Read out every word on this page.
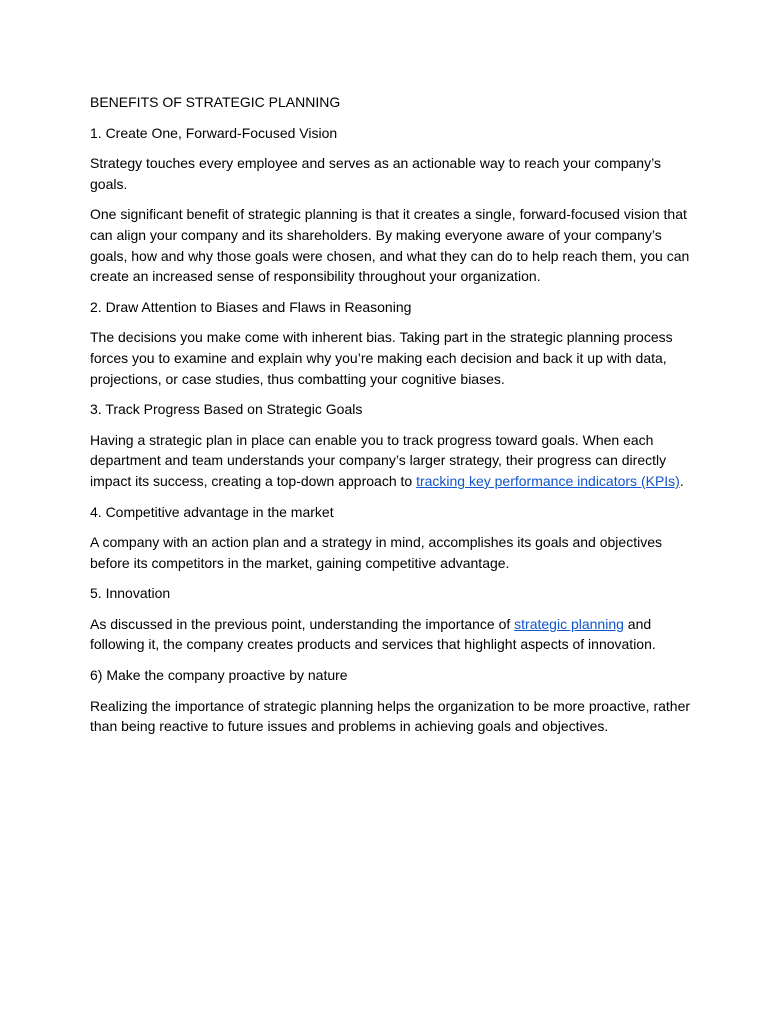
BENEFITS OF STRATEGIC PLANNING
1. Create One, Forward-Focused Vision

Strategy touches every employee and serves as an actionable way to reach your company’s goals.

One significant benefit of strategic planning is that it creates a single, forward-focused vision that can align your company and its shareholders. By making everyone aware of your company’s goals, how and why those goals were chosen, and what they can do to help reach them, you can create an increased sense of responsibility throughout your organization.

2. Draw Attention to Biases and Flaws in Reasoning

The decisions you make come with inherent bias. Taking part in the strategic planning process forces you to examine and explain why you’re making each decision and back it up with data, projections, or case studies, thus combatting your cognitive biases.

3. Track Progress Based on Strategic Goals

Having a strategic plan in place can enable you to track progress toward goals. When each department and team understands your company’s larger strategy, their progress can directly impact its success, creating a top-down approach to tracking key performance indicators (KPIs).

4. Competitive advantage in the market

A company with an action plan and a strategy in mind, accomplishes its goals and objectives before its competitors in the market, gaining competitive advantage.

5. Innovation

As discussed in the previous point, understanding the importance of strategic planning and following it, the company creates products and services that highlight aspects of innovation.

6) Make the company proactive by nature

Realizing the importance of strategic planning helps the organization to be more proactive, rather than being reactive to future issues and problems in achieving goals and objectives.
